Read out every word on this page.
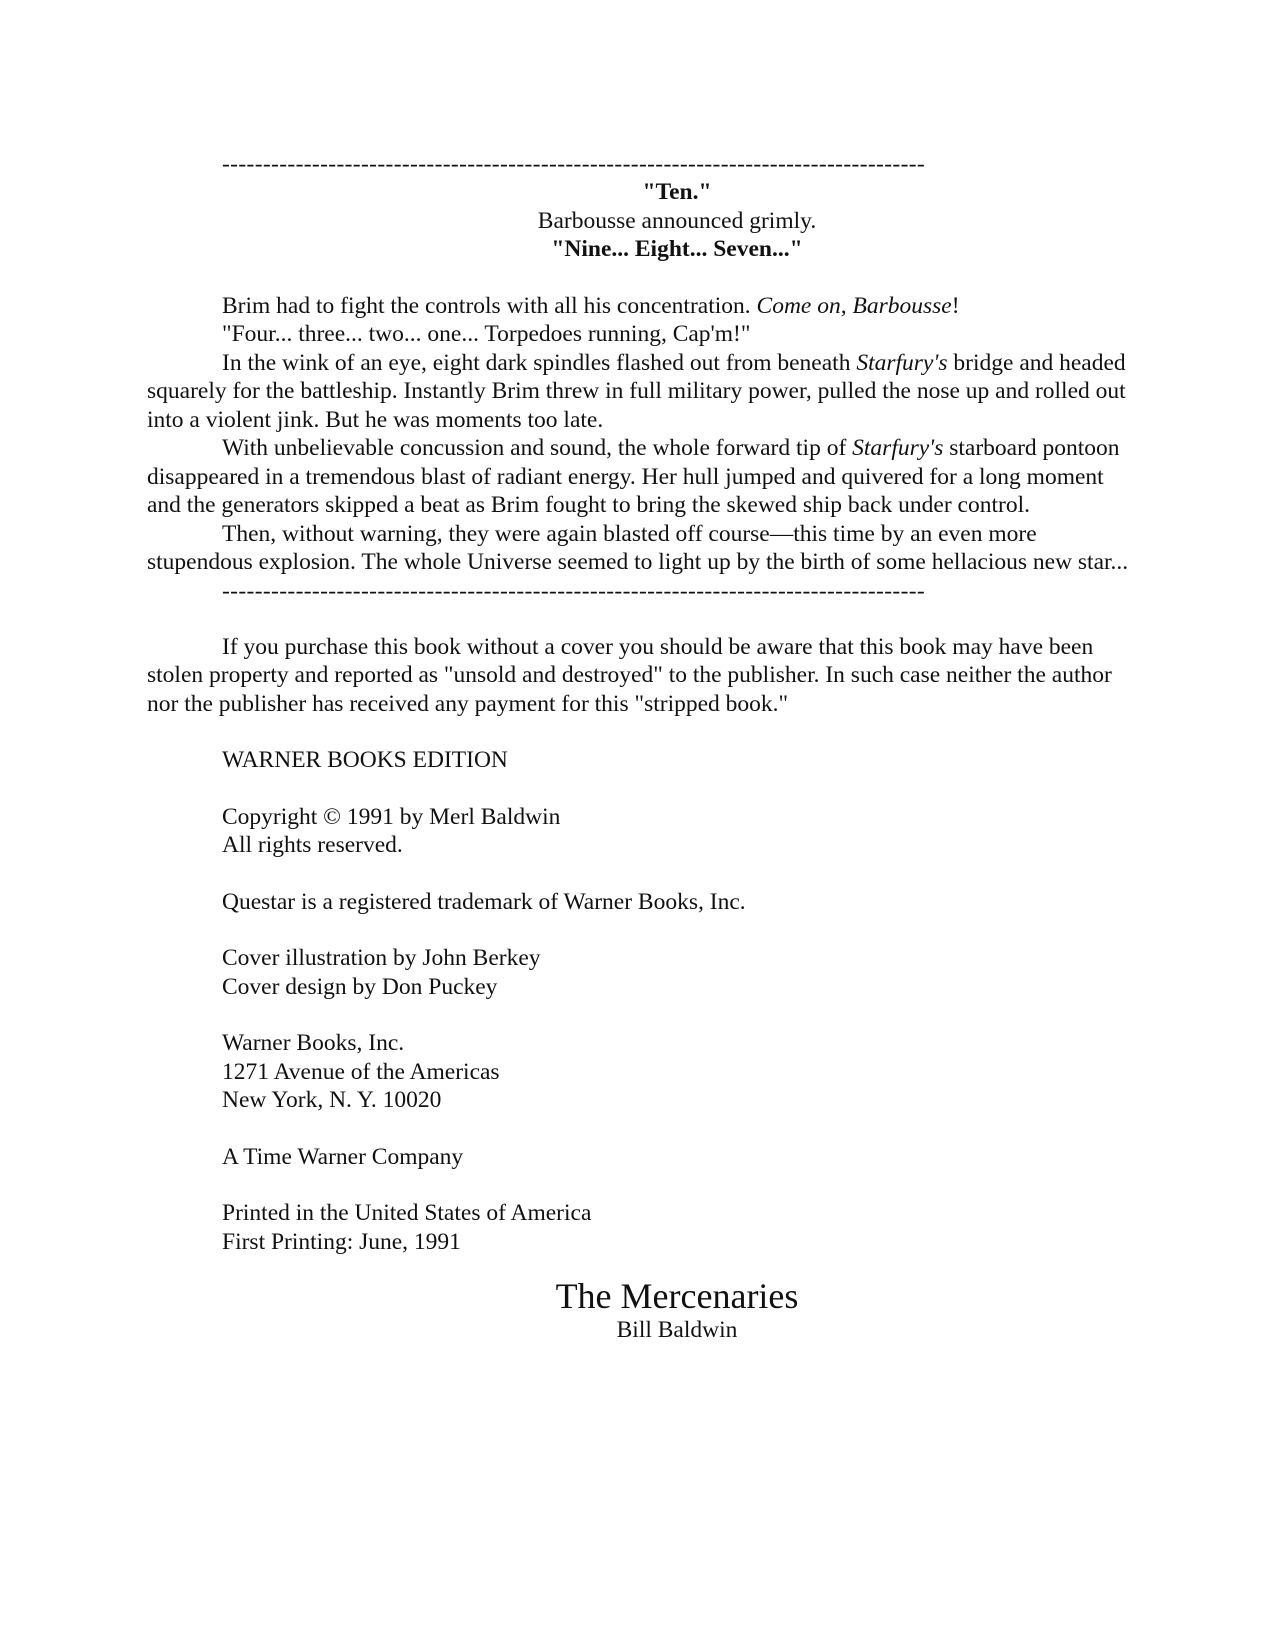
--------------------------------------------------------------------------------------
"Ten."
Barbousse announced grimly.
"Nine... Eight... Seven..."

Brim had to fight the controls with all his concentration. Come on, Barbousse!

"Four... three... two... one... Torpedoes running, Cap'm!"

In the wink of an eye, eight dark spindles flashed out from beneath Starfury's bridge and headed squarely for the battleship. Instantly Brim threw in full military power, pulled the nose up and rolled out into a violent jink. But he was moments too late.

With unbelievable concussion and sound, the whole forward tip of Starfury's starboard pontoon disappeared in a tremendous blast of radiant energy. Her hull jumped and quivered for a long moment and the generators skipped a beat as Brim fought to bring the skewed ship back under control.

Then, without warning, they were again blasted off course—this time by an even more stupendous explosion. The whole Universe seemed to light up by the birth of some hellacious new star...

--------------------------------------------------------------------------------------

If you purchase this book without a cover you should be aware that this book may have been stolen property and reported as "unsold and destroyed" to the publisher. In such case neither the author nor the publisher has received any payment for this "stripped book."

WARNER BOOKS EDITION
Copyright © 1991 by Merl Baldwin
All rights reserved.
Questar is a registered trademark of Warner Books, Inc.
Cover illustration by John Berkey
Cover design by Don Puckey
Warner Books, Inc.
1271 Avenue of the Americas
New York, N. Y. 10020
A Time Warner Company
Printed in the United States of America
First Printing: June, 1991
The Mercenaries
Bill Baldwin
